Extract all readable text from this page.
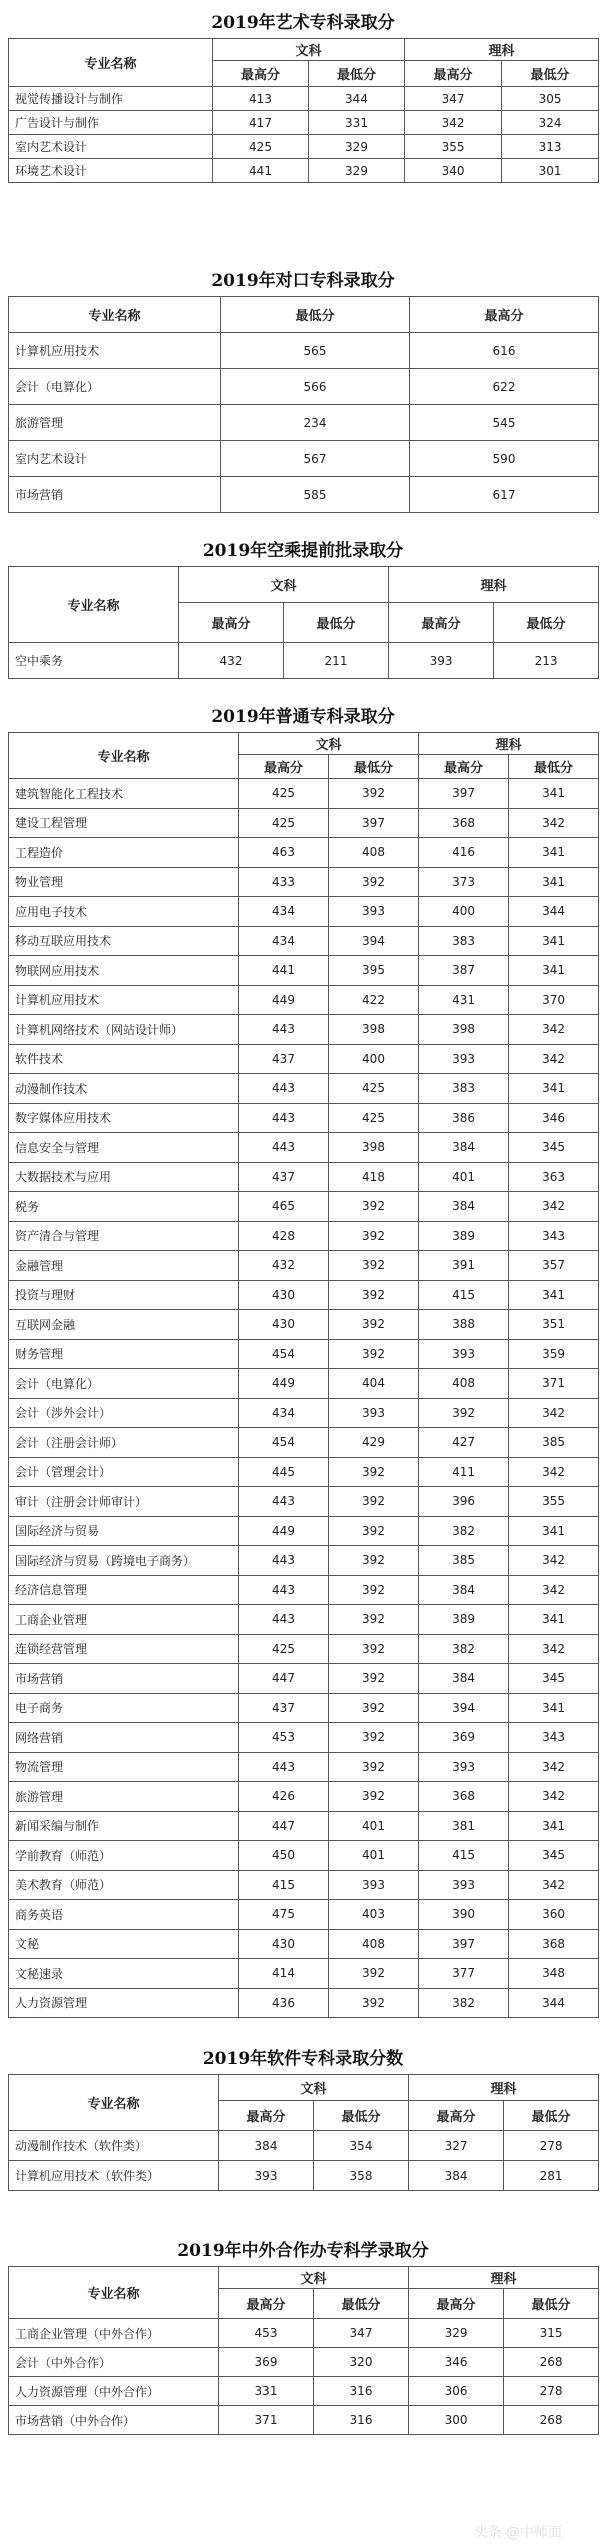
2019年艺术专科录取分
专业名称	文科		理科	
	最高分	最低分	最高分	最低分
视觉传播设计与制作	413	344	347	305
广告设计与制作	417	331	342	324
室内艺术设计	425	329	355	313
环境艺术设计	441	329	340	301
2019年对口专科录取分
专业名称	最低分	最高分
计算机应用技术	565	616
会计（电算化）	566	622
旅游管理	234	545
室内艺术设计	567	590
市场营销	585	617
2019年空乘提前批录取分
专业名称	文科		理科	
	最高分	最低分	最高分	最低分
空中乘务	432	211	393	213
2019年普通专科录取分
专业名称	文科		理科	
	最高分	最低分	最高分	最低分
建筑智能化工程技术	425	392	397	341
建设工程管理	425	397	368	342
工程造价	463	408	416	341
物业管理	433	392	373	341
应用电子技术	434	393	400	344
移动互联应用技术	434	394	383	341
物联网应用技术	441	395	387	341
计算机应用技术	449	422	431	370
计算机网络技术（网站设计师）	443	398	398	342
软件技术	437	400	393	342
动漫制作技术	443	425	383	341
数字媒体应用技术	443	425	386	346
信息安全与管理	443	398	384	345
大数据技术与应用	437	418	401	363
税务	465	392	384	342
资产清合与管理	428	392	389	343
金融管理	432	392	391	357
投资与理财	430	392	415	341
互联网金融	430	392	388	351
财务管理	454	392	393	359
会计（电算化）	449	404	408	371
会计（涉外会计）	434	393	392	342
会计（注册会计师）	454	429	427	385
会计（管理会计）	445	392	411	342
审计（注册会计师审计）	443	392	396	355
国际经济与贸易	449	392	382	341
国际经济与贸易（跨境电子商务）	443	392	385	342
经济信息管理	443	392	384	342
工商企业管理	443	392	389	341
连锁经营管理	425	392	382	342
市场营销	447	392	384	345
电子商务	437	392	394	341
网络营销	453	392	369	343
物流管理	443	392	393	342
旅游管理	426	392	368	342
新闻采编与制作	447	401	381	341
学前教育（师范）	450	401	415	345
美术教育（师范）	415	393	393	342
商务英语	475	403	390	360
文秘	430	408	397	368
文秘速录	414	392	377	348
人力资源管理	436	392	382	344
2019年软件专科录取分数
专业名称	文科		理科	
	最高分	最低分	最高分	最低分
动漫制作技术（软件类）	384	354	327	278
计算机应用技术（软件类）	393	358	384	281
2019年中外合作办专科学录取分
专业名称	文科		理科	
	最高分	最低分	最高分	最低分
工商企业管理（中外合作）	453	347	329	315
会计（中外合作）	369	320	346	268
人力资源管理（中外合作）	331	316	306	278
市场营销（中外合作）	371	316	300	268
头条 @中师面
